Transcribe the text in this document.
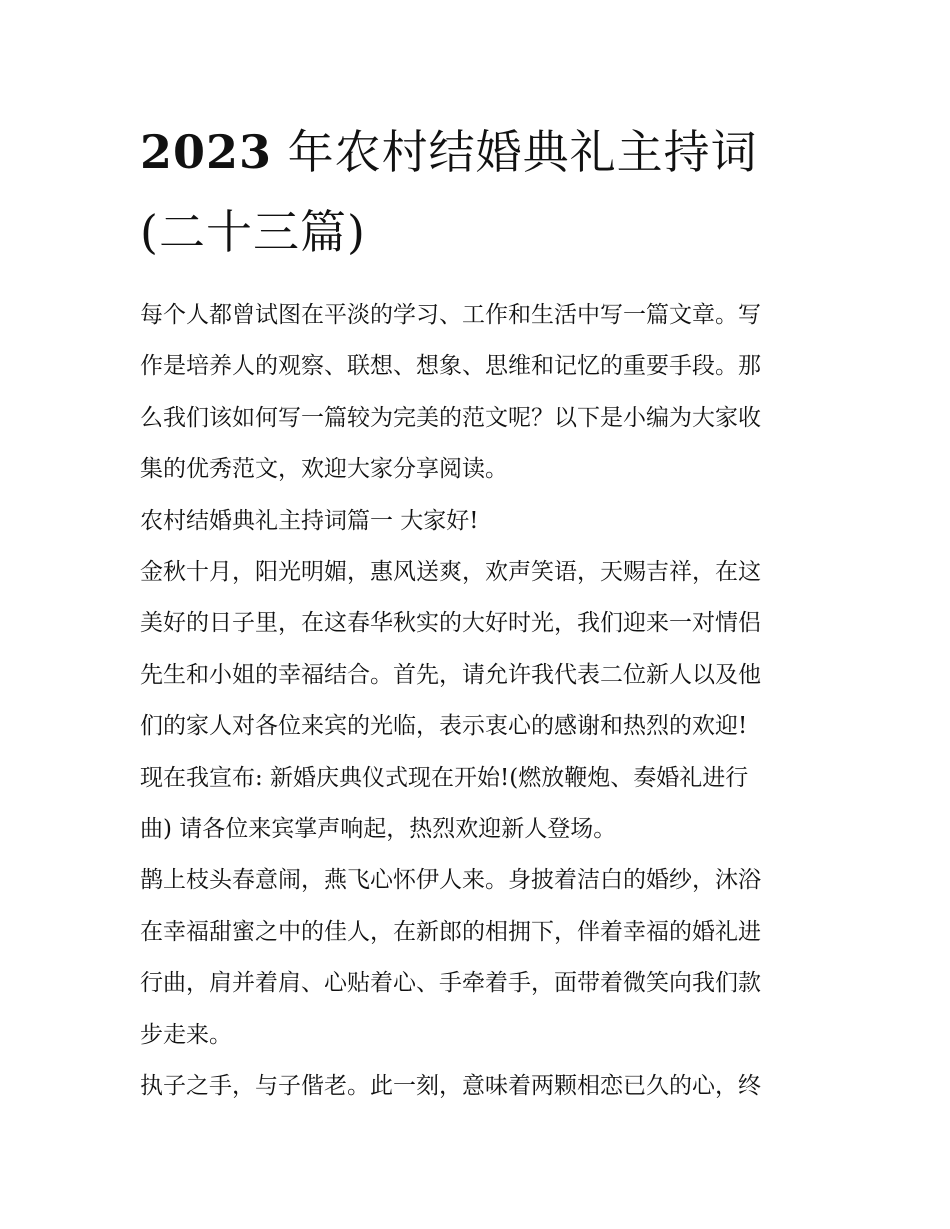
2023 年农村结婚典礼主持词
(二十三篇)

每个人都曾试图在平淡的学习、工作和生活中写一篇文章。写
作是培养人的观察、联想、想象、思维和记忆的重要手段。那
么我们该如何写一篇较为完美的范文呢？以下是小编为大家收
集的优秀范文，欢迎大家分享阅读。

农村结婚典礼主持词篇一 大家好!

金秋十月，阳光明媚，惠风送爽，欢声笑语，天赐吉祥，在这
美好的日子里，在这春华秋实的大好时光，我们迎来一对情侣
先生和小姐的幸福结合。首先，请允许我代表二位新人以及他
们的家人对各位来宾的光临，表示衷心的感谢和热烈的欢迎!

现在我宣布: 新婚庆典仪式现在开始!(燃放鞭炮、奏婚礼进行
曲) 请各位来宾掌声响起，热烈欢迎新人登场。

鹊上枝头春意闹，燕飞心怀伊人来。身披着洁白的婚纱，沐浴
在幸福甜蜜之中的佳人，在新郎的相拥下，伴着幸福的婚礼进
行曲，肩并着肩、心贴着心、手牵着手，面带着微笑向我们款
步走来。

执子之手，与子偕老。此一刻，意味着两颗相恋已久的心，终
